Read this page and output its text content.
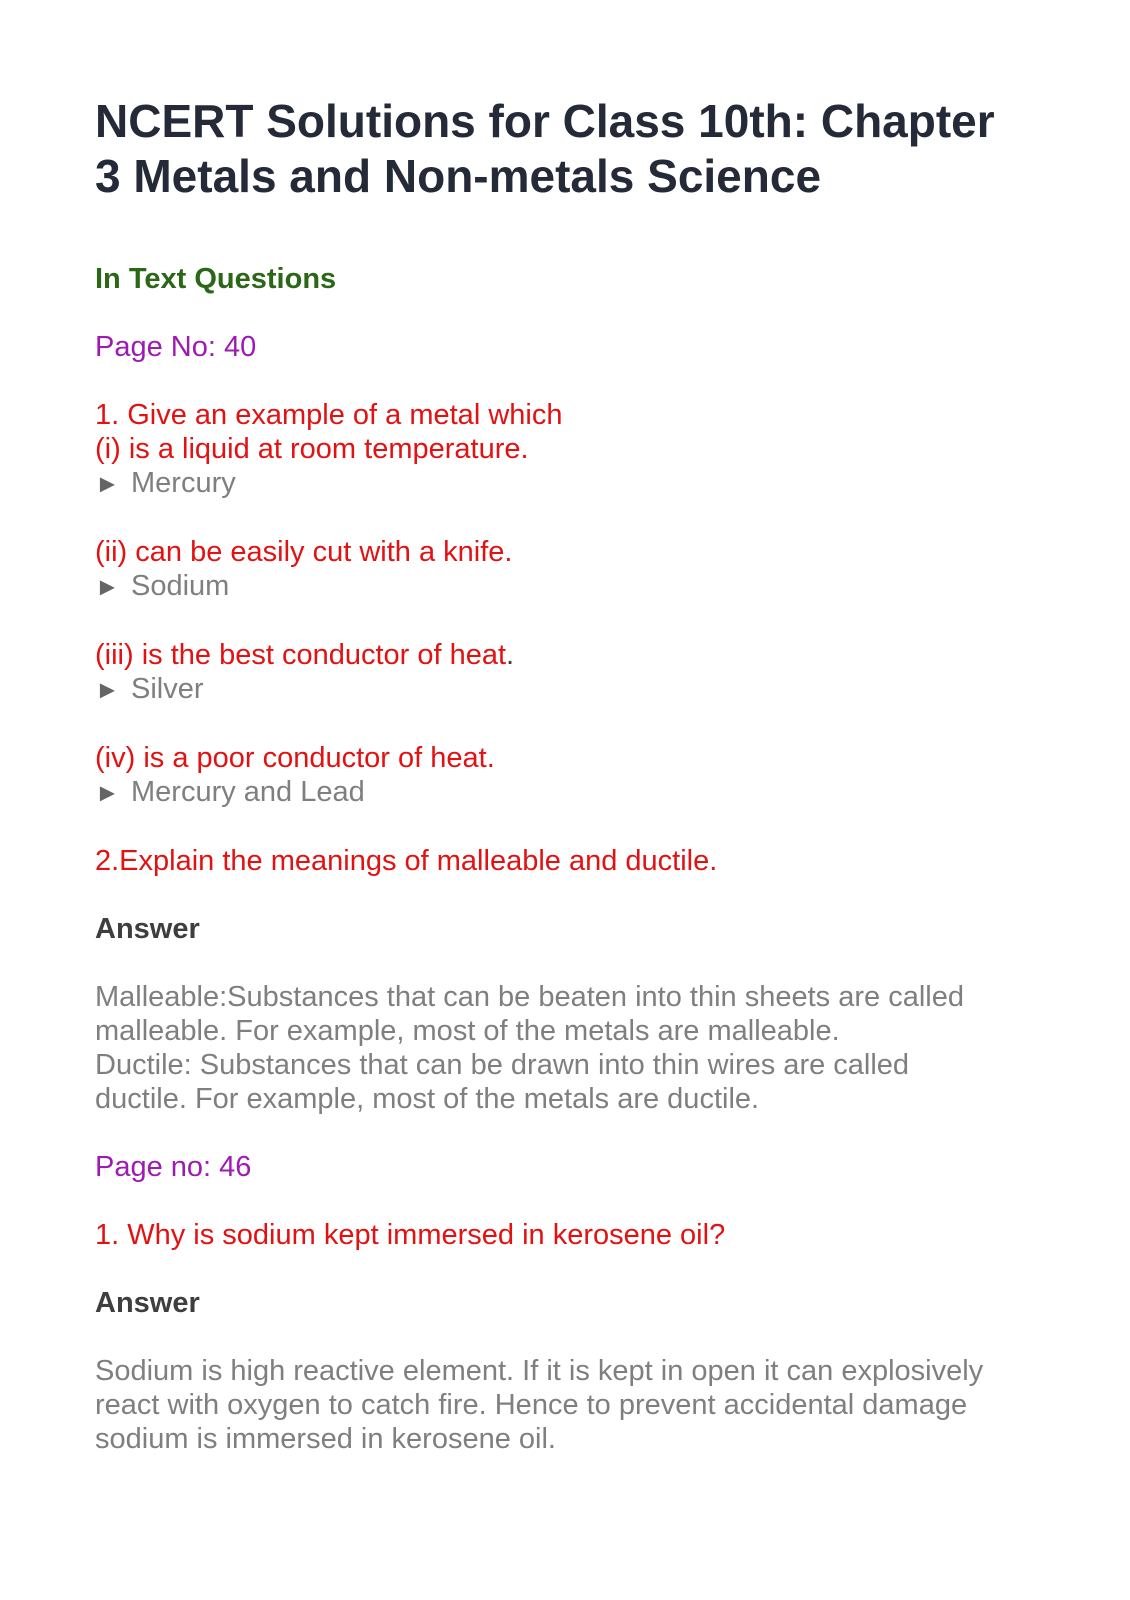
NCERT Solutions for Class 10th: Chapter
3 Metals and Non-metals Science
In Text Questions

Page No: 40

1. Give an example of a metal which
(i) is a liquid at room temperature.
► Mercury
(ii) can be easily cut with a knife.
► Sodium
(iii) is the best conductor of heat.
► Silver
(iv) is a poor conductor of heat.
► Mercury and Lead
2.Explain the meanings of malleable and ductile.

Answer

Malleable:Substances that can be beaten into thin sheets are called
malleable. For example, most of the metals are malleable.
Ductile: Substances that can be drawn into thin wires are called
ductile. For example, most of the metals are ductile.

Page no: 46

1. Why is sodium kept immersed in kerosene oil?

Answer

Sodium is high reactive element. If it is kept in open it can explosively
react with oxygen to catch fire. Hence to prevent accidental damage
sodium is immersed in kerosene oil.
